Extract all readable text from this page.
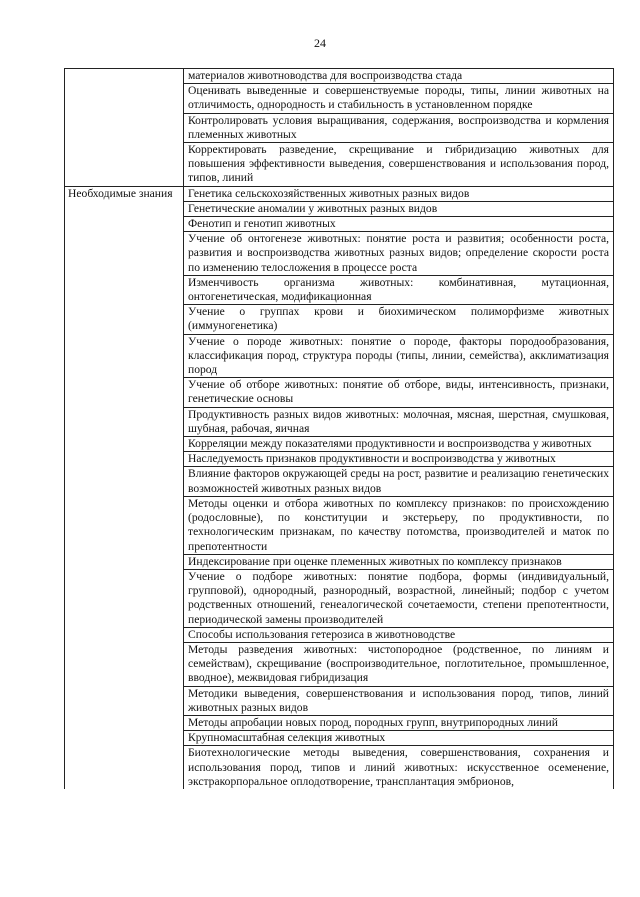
24
	материалов животноводства для воспроизводства стада
	Оценивать выведенные и совершенствуемые породы, типы, линии животных на отличимость, однородность и стабильность в установленном порядке
	Контролировать условия выращивания, содержания, воспроизводства и кормления племенных животных
	Корректировать разведение, скрещивание и гибридизацию животных для повышения эффективности выведения, совершенствования и использования пород, типов, линий
Необходимые знания	Генетика сельскохозяйственных животных разных видов
	Генетические аномалии у животных разных видов
	Фенотип и генотип животных
	Учение об онтогенезе животных: понятие роста и развития; особенности роста, развития и воспроизводства животных разных видов; определение скорости роста по изменению телосложения в процессе роста
	Изменчивость организма животных: комбинативная, мутационная, онтогенетическая, модификационная
	Учение о группах крови и биохимическом полиморфизме животных (иммуногенетика)
	Учение о породе животных: понятие о породе, факторы породообразования, классификация пород, структура породы (типы, линии, семейства), акклиматизация пород
	Учение об отборе животных: понятие об отборе, виды, интенсивность, признаки, генетические основы
	Продуктивность разных видов животных: молочная, мясная, шерстная, смушковая, шубная, рабочая, яичная
	Корреляции между показателями продуктивности и воспроизводства у животных
	Наследуемость признаков продуктивности и воспроизводства у животных
	Влияние факторов окружающей среды на рост, развитие и реализацию генетических возможностей животных разных видов
	Методы оценки и отбора животных по комплексу признаков: по происхождению (родословные), по конституции и экстерьеру, по продуктивности, по технологическим признакам, по качеству потомства, производителей и маток по препотентности
	Индексирование при оценке племенных животных по комплексу признаков
	Учение о подборе животных: понятие подбора, формы (индивидуальный, групповой), однородный, разнородный, возрастной, линейный; подбор с учетом родственных отношений, генеалогической сочетаемости, степени препотентности, периодической замены производителей
	Способы использования гетерозиса в животноводстве
	Методы разведения животных: чистопородное (родственное, по линиям и семействам), скрещивание (воспроизводительное, поглотительное, промышленное, вводное), межвидовая гибридизация
	Методики выведения, совершенствования и использования пород, типов, линий животных разных видов
	Методы апробации новых пород, породных групп, внутрипородных линий
	Крупномасштабная селекция животных
	Биотехнологические методы выведения, совершенствования, сохранения и использования пород, типов и линий животных: искусственное осеменение, экстракорпоральное оплодотворение, трансплантация эмбрионов,
